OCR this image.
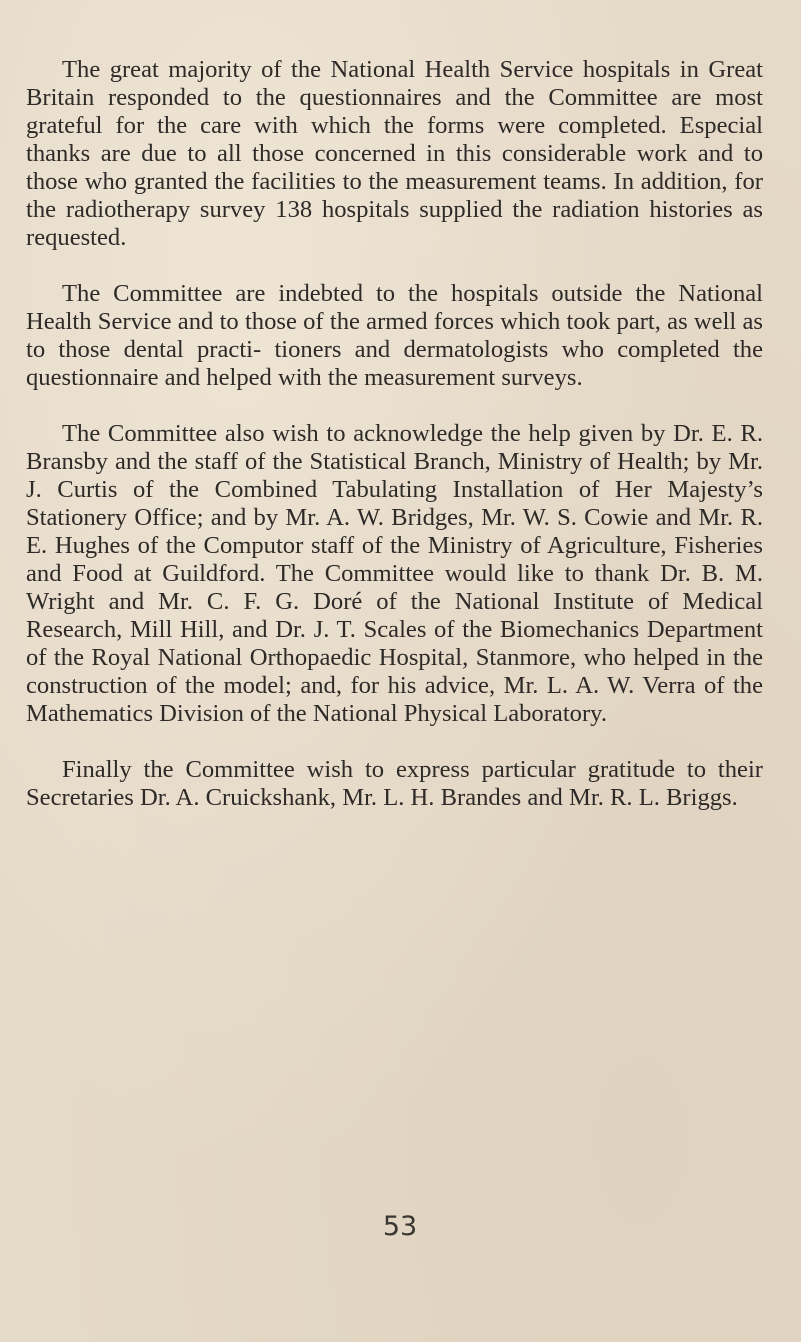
The great majority of the National Health Service hospitals in Great Britain responded to the questionnaires and the Committee are most grateful for the care with which the forms were completed. Especial thanks are due to all those concerned in this considerable work and to those who granted the facilities to the measurement teams. In addition, for the radiotherapy survey 138 hospitals supplied the radiation histories as requested.

The Committee are indebted to the hospitals outside the National Health Service and to those of the armed forces which took part, as well as to those dental practi- tioners and dermatologists who completed the questionnaire and helped with the measurement surveys.

The Committee also wish to acknowledge the help given by Dr. E. R. Bransby and the staff of the Statistical Branch, Ministry of Health; by Mr. J. Curtis of the Combined Tabulating Installation of Her Majesty’s Stationery Office; and by Mr. A. W. Bridges, Mr. W. S. Cowie and Mr. R. E. Hughes of the Computor staff of the Ministry of Agriculture, Fisheries and Food at Guildford. The Committee would like to thank Dr. B. M. Wright and Mr. C. F. G. Doré of the National Institute of Medical Research, Mill Hill, and Dr. J. T. Scales of the Biomechanics Department of the Royal National Orthopaedic Hospital, Stanmore, who helped in the construction of the model; and, for his advice, Mr. L. A. W. Verra of the Mathematics Division of the National Physical Laboratory.

Finally the Committee wish to express particular gratitude to their Secretaries Dr. A. Cruickshank, Mr. L. H. Brandes and Mr. R. L. Briggs.

53
